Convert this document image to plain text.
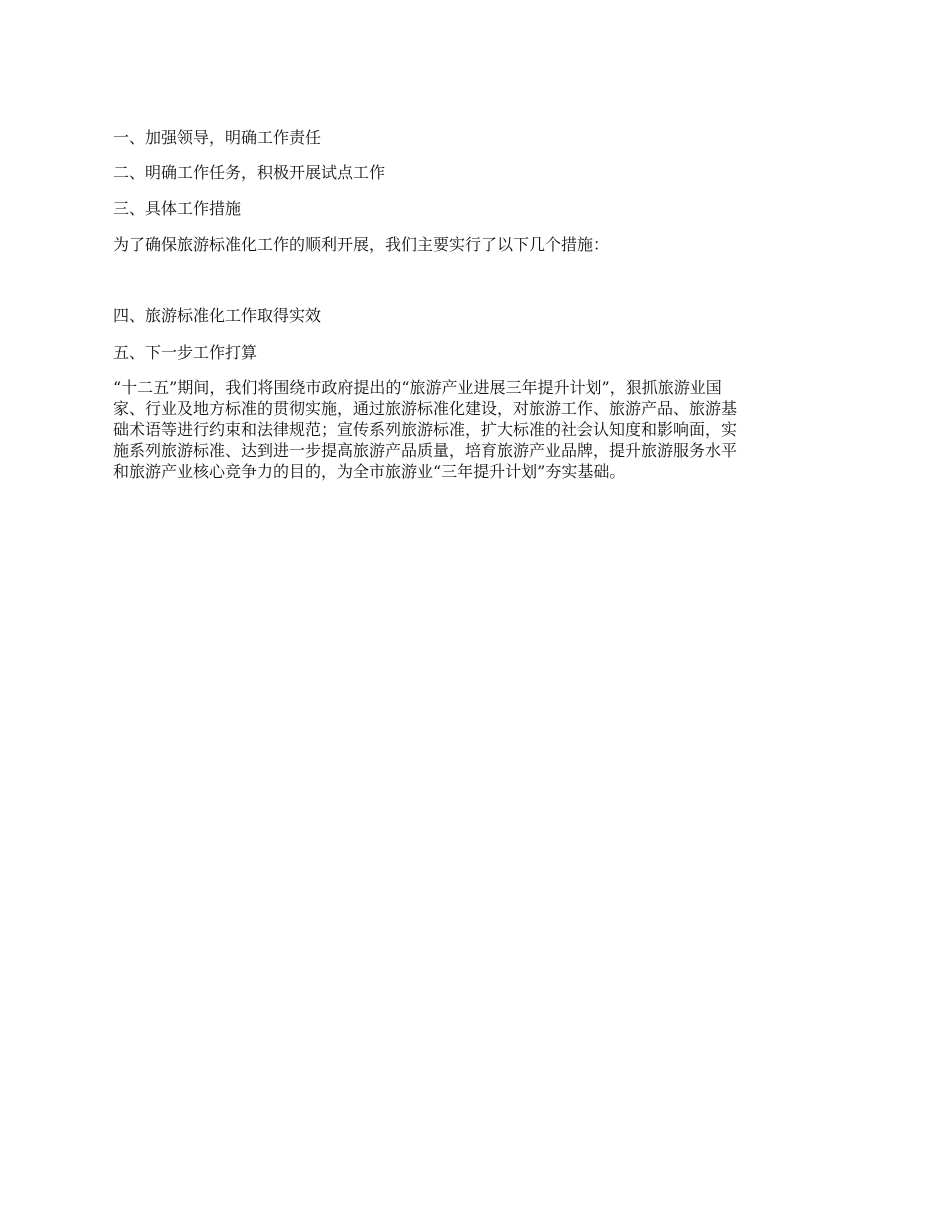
一、加强领导，明确工作责任

二、明确工作任务，积极开展试点工作

三、具体工作措施

为了确保旅游标准化工作的顺利开展，我们主要实行了以下几个措施：

四、旅游标准化工作取得实效

五、下一步工作打算

“十二五”期间，我们将围绕市政府提出的“旅游产业进展三年提升计划”，狠抓旅游业国
家、行业及地方标准的贯彻实施，通过旅游标准化建设，对旅游工作、旅游产品、旅游基
础术语等进行约束和法律规范；宣传系列旅游标准，扩大标准的社会认知度和影响面，实
施系列旅游标准、达到进一步提高旅游产品质量，培育旅游产业品牌，提升旅游服务水平
和旅游产业核心竞争力的目的，为全市旅游业“三年提升计划”夯实基础。
